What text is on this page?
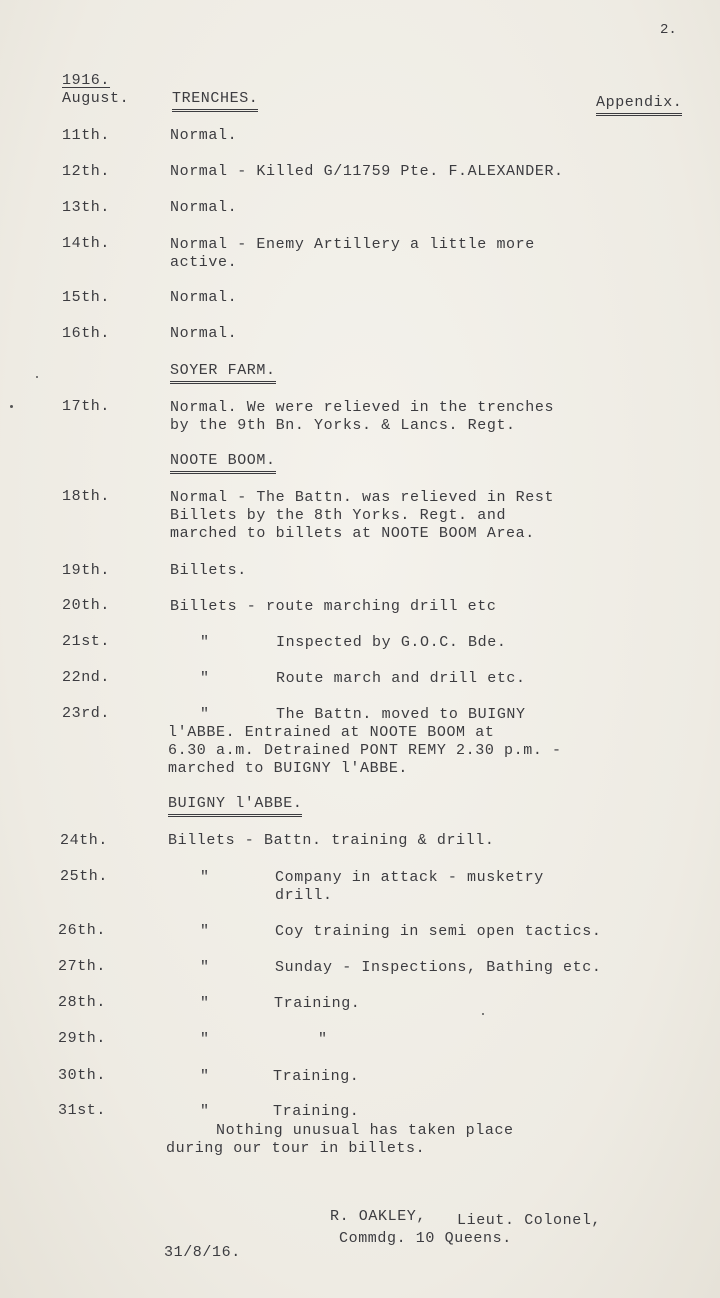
2.
1916.
August.	TRENCHES.	Appendix.
11th.	Normal.
12th.	Normal - Killed G/11759 Pte. F.ALEXANDER.
13th.	Normal.
14th.	Normal - Enemy Artillery a little more
active.
15th.	Normal.
16th.	Normal.
SOYER FARM.
17th.	Normal. We were relieved in the trenches
by the 9th Bn. Yorks. & Lancs. Regt.
NOOTE BOOM.
18th.	Normal - The Battn. was relieved in Rest
Billets by the 8th Yorks. Regt. and
marched to billets at NOOTE BOOM Area.
19th.	Billets.
20th.	Billets - route marching drill etc
21st.	"	Inspected by G.O.C. Bde.
22nd.	"	Route march and drill etc.
23rd.	"	The Battn. moved to BUIGNY
l'ABBE. Entrained at NOOTE BOOM at
6.30 a.m. Detrained PONT REMY 2.30 p.m. -
marched to BUIGNY l'ABBE.
BUIGNY l'ABBE.
24th.	Billets - Battn. training & drill.
25th.	"	Company in attack - musketry
drill.
26th.	"	Coy training in semi open tactics.
27th.	"	Sunday - Inspections, Bathing etc.
28th.	"	Training.
29th.	"	"
30th.	"	Training.
31st.	"	Training.
Nothing unusual has taken place
during our tour in billets.
R. OAKLEY, Lieut. Colonel,
Commdg. 10 Queens.
31/8/16.
